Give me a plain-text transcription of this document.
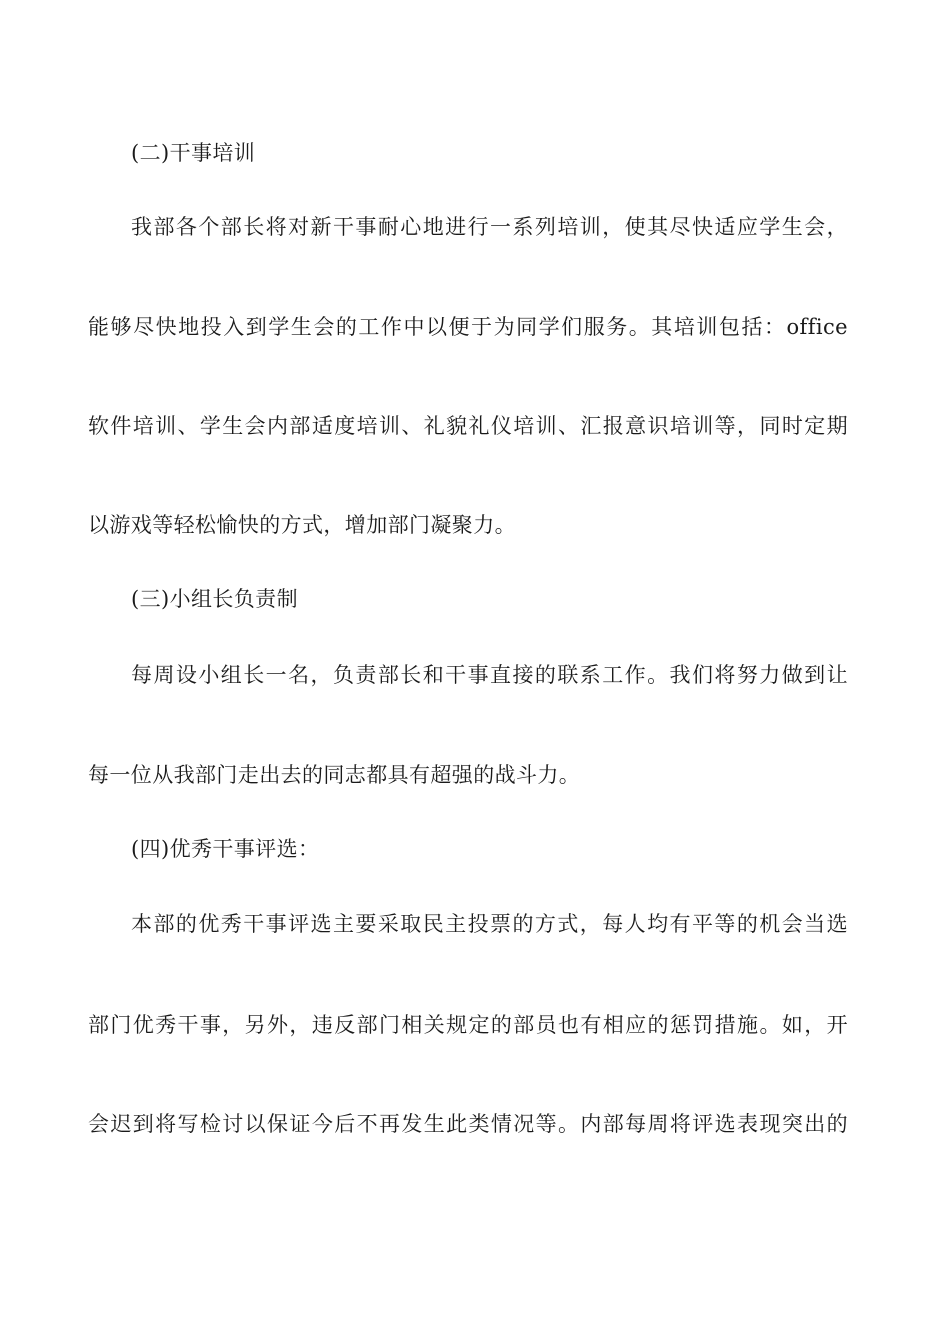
(二)干事培训
我部各个部长将对新干事耐心地进行一系列培训，使其尽快适应学生会，
能够尽快地投入到学生会的工作中以便于为同学们服务。其培训包括：office
软件培训、学生会内部适度培训、礼貌礼仪培训、汇报意识培训等，同时定期
以游戏等轻松愉快的方式，增加部门凝聚力。
(三)小组长负责制
每周设小组长一名，负责部长和干事直接的联系工作。我们将努力做到让
每一位从我部门走出去的同志都具有超强的战斗力。
(四)优秀干事评选：
本部的优秀干事评选主要采取民主投票的方式，每人均有平等的机会当选
部门优秀干事，另外，违反部门相关规定的部员也有相应的惩罚措施。如，开
会迟到将写检讨以保证今后不再发生此类情况等。内部每周将评选表现突出的
